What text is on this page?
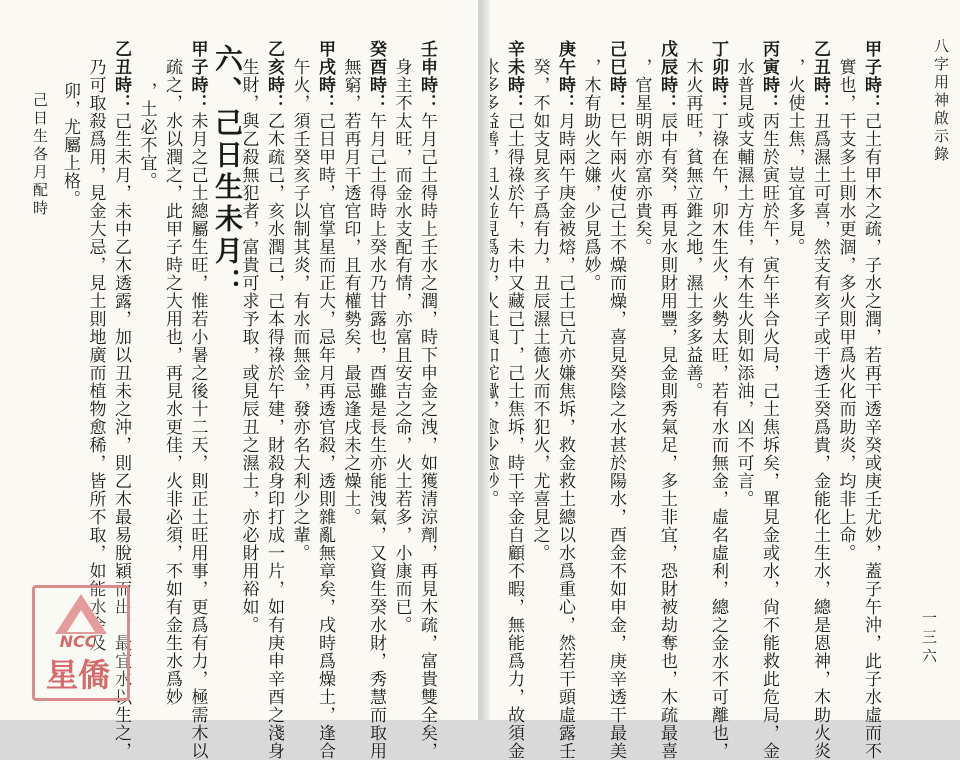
八字用神啟示錄
一三六
甲子時：己土有甲木之疏，子水之潤，若再干透辛癸或庚壬尤妙，蓋子午沖，此子水虛而不
實也，干支多土則水更涸，多火則甲爲火化而助炎，均非上命。
乙丑時：丑爲濕土可喜，然支有亥子或干透壬癸爲貴，金能化土生水，總是恩神，木助火炎
，火使土焦，豈宜多見。
丙寅時：丙生於寅旺於午，寅午半合火局，己土焦坼矣，單見金或水，尙不能救此危局，金
水普見或支輔濕土方佳，有木生火則如添油，凶不可言。
丁卯時：丁祿在午，卯木生火，火勢太旺，若有水而無金，虛名虛利，總之金水不可離也，
木火再旺，貧無立錐之地，濕土多多益善。
戊辰時：辰中有癸，再見水則財用豐，見金則秀氣足，多土非宜，恐財被劫奪也，木疏最喜
，官星明朗亦富亦貴矣。
己巳時：巳午兩火使己土不燥而燥，喜見癸陰之水甚於陽水，酉金不如申金，庚辛透干最美
，木有助火之嫌，少見爲妙。
庚午時：月時兩午庚金被熔，己土巳亢亦嫌焦坼，救金救土總以水爲重心，然若干頭虛露壬
癸，不如支見亥子爲有力，丑辰濕土德火而不犯火，尤喜見之。
辛未時：己土得祿於午，未中又藏己丁，己土焦坼，時干辛金自顧不暇，無能爲力，故須金
己日生各月配時
壬申時：午月己土得時上壬水之潤，時下申金之洩，如獲清涼劑，再見木疏，富貴雙全矣，
身主不太旺，而金水支配有情，亦富且安吉之命，火土若多，小康而已。
癸酉時：午月己土得時上癸水乃甘露也，酉雖是長生亦能洩氣，又資生癸水財，秀慧而取用
無窮，若再月干透官印，且有權勢矣，最忌逢戌未之燥土。
甲戌時：己日甲時，官掌星而正大，忌年月再透官殺，透則雜亂無章矣，戌時爲燥土，逢合
午火，須壬癸亥子以制其炎，有水而無金，發亦名大利少之輩。
乙亥時：乙木疏己，亥水潤己，己本得祿於午建，財殺身印打成一片，如有庚申辛酉之淺身
生財，與乙殺無犯者，富貴可求予取，或見辰丑之濕土，亦必財用裕如。
六、己日生未月：
甲子時：未月之己土總屬生旺，惟若小暑之後十二天，則正土旺用事，更爲有力，極需木以
疏之，水以潤之，此甲子時之大用也，再見水更佳，火非必須，不如有金生水爲妙
，土必不宜。
乙丑時：己生未月，未中乙木透露，加以丑未之沖，則乙木最易脫穎而出，最宜水以生之，
乃可取殺爲用，見金大忌，見土則地廣而植物愈稀，皆所不取，如能水金及
卯，尤屬上格。
NCC
星僑
